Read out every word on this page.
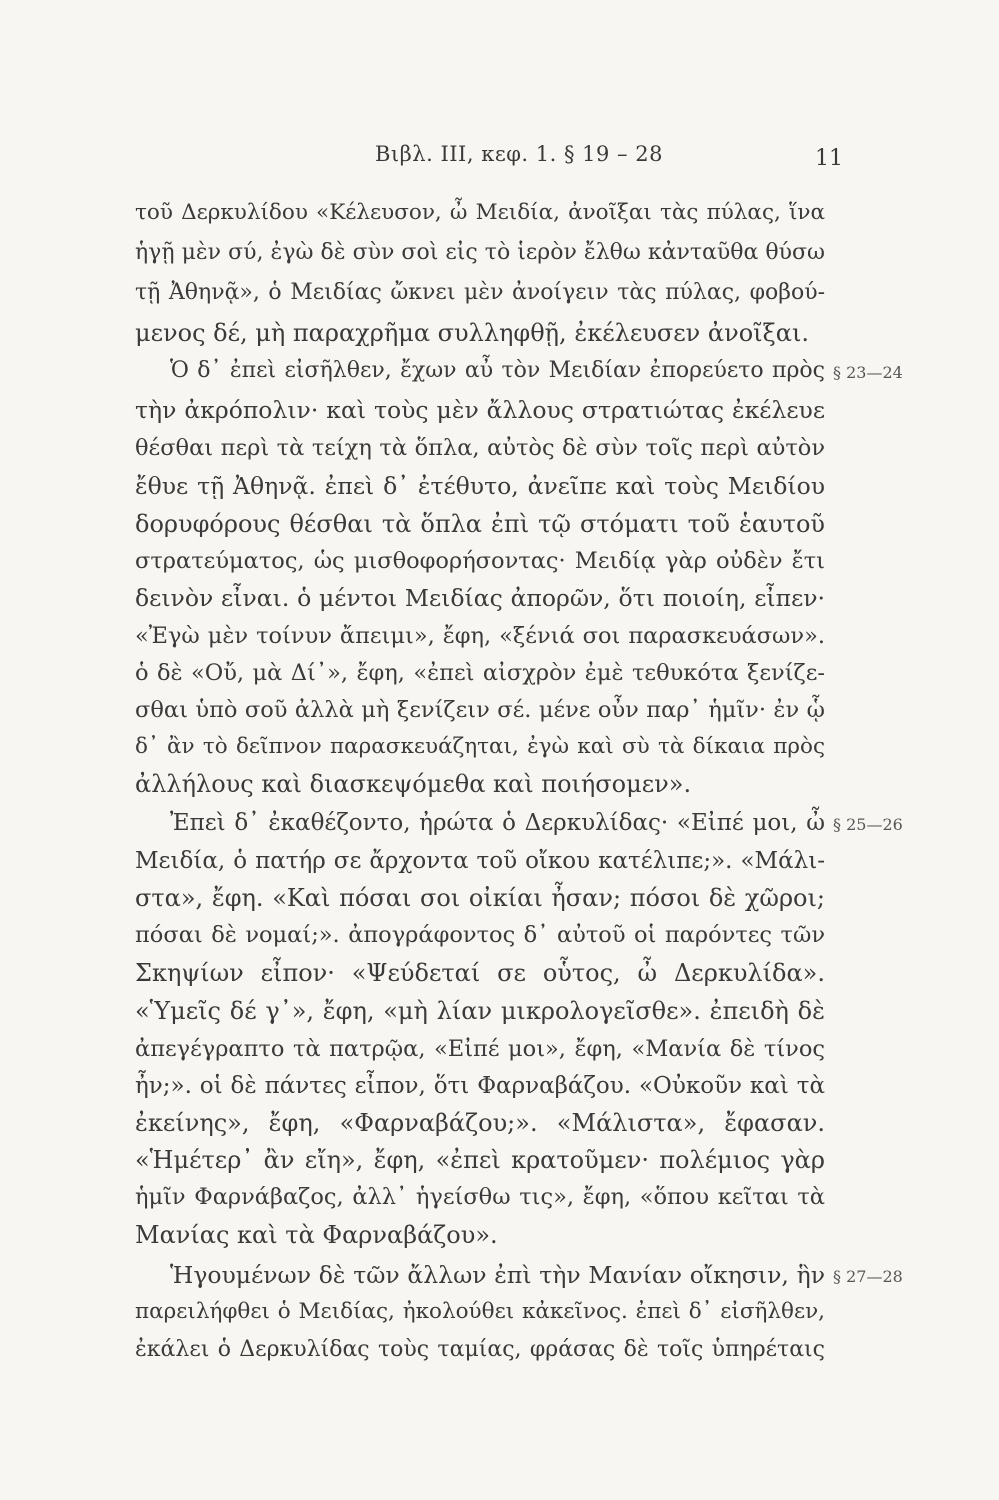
Βιβλ. III, κεφ. 1. § 19 – 28	11
τοῦ Δερκυλίδου «Κέλευσον, ὦ Μειδία, ἀνοῖξαι τὰς πύλας, ἵνα
ἡγῇ μὲν σύ, ἐγὼ δὲ σὺν σοὶ εἰς τὸ ἱερὸν ἔλθω κἀνταῦθα θύσω
τῇ Ἀθηνᾷ», ὁ Μειδίας ὤκνει μὲν ἀνοίγειν τὰς πύλας, φοβού-
μενος δέ, μὴ παραχρῆμα συλληφθῇ, ἐκέλευσεν ἀνοῖξαι.
Ὁ δ᾽ ἐπεὶ εἰσῆλθεν, ἔχων αὖ τὸν Μειδίαν ἐπορεύετο πρὸς
τὴν ἀκρόπολιν· καὶ τοὺς μὲν ἄλλους στρατιώτας ἐκέλευε
θέσθαι περὶ τὰ τείχη τὰ ὅπλα, αὐτὸς δὲ σὺν τοῖς περὶ αὐτὸν
ἔθυε τῇ Ἀθηνᾷ. ἐπεὶ δ᾽ ἐτέθυτο, ἀνεῖπε καὶ τοὺς Μειδίου
δορυφόρους θέσθαι τὰ ὅπλα ἐπὶ τῷ στόματι τοῦ ἑαυτοῦ
στρατεύματος, ὡς μισθοφορήσοντας· Μειδίᾳ γὰρ οὐδὲν ἔτι
δεινὸν εἶναι. ὁ μέντοι Μειδίας ἀπορῶν, ὅτι ποιοίη, εἶπεν·
«Ἐγὼ μὲν τοίνυν ἄπειμι», ἔφη, «ξένιά σοι παρασκευάσων».
ὁ δὲ «Οὔ, μὰ Δί᾽», ἔφη, «ἐπεὶ αἰσχρὸν ἐμὲ τεθυκότα ξενίζε-
σθαι ὑπὸ σοῦ ἀλλὰ μὴ ξενίζειν σέ. μένε οὖν παρ᾽ ἡμῖν· ἐν ᾧ
δ᾽ ἂν τὸ δεῖπνον παρασκευάζηται, ἐγὼ καὶ σὺ τὰ δίκαια πρὸς
ἀλλήλους καὶ διασκεψόμεθα καὶ ποιήσομεν».
Ἐπεὶ δ᾽ ἐκαθέζοντο, ἠρώτα ὁ Δερκυλίδας· «Εἰπέ μοι, ὦ
Μειδία, ὁ πατήρ σε ἄρχοντα τοῦ οἴκου κατέλιπε;». «Μάλι-
στα», ἔφη. «Καὶ πόσαι σοι οἰκίαι ἦσαν; πόσοι δὲ χῶροι;
πόσαι δὲ νομαί;». ἀπογράφοντος δ᾽ αὐτοῦ οἱ παρόντες τῶν
Σκηψίων εἶπον· «Ψεύδεταί σε οὗτος, ὦ Δερκυλίδα».
«Ὑμεῖς δέ γ᾽», ἔφη, «μὴ λίαν μικρολογεῖσθε». ἐπειδὴ δὲ
ἀπεγέγραπτο τὰ πατρῷα, «Εἰπέ μοι», ἔφη, «Μανία δὲ τίνος
ἦν;». οἱ δὲ πάντες εἶπον, ὅτι Φαρναβάζου. «Οὐκοῦν καὶ τὰ
ἐκείνης», ἔφη, «Φαρναβάζου;». «Μάλιστα», ἔφασαν.
«Ἡμέτερ᾽ ἂν εἴη», ἔφη, «ἐπεὶ κρατοῦμεν· πολέμιος γὰρ
ἡμῖν Φαρνάβαζος, ἀλλ᾽ ἡγείσθω τις», ἔφη, «ὅπου κεῖται τὰ
Μανίας καὶ τὰ Φαρναβάζου».
Ἡγουμένων δὲ τῶν ἄλλων ἐπὶ τὴν Μανίαν οἴκησιν, ἣν
παρειλήφθει ὁ Μειδίας, ἠκολούθει κἀκεῖνος. ἐπεὶ δ᾽ εἰσῆλθεν,
ἐκάλει ὁ Δερκυλίδας τοὺς ταμίας, φράσας δὲ τοῖς ὑπηρέταις
§ 23—24
§ 25—26
§ 27—28
